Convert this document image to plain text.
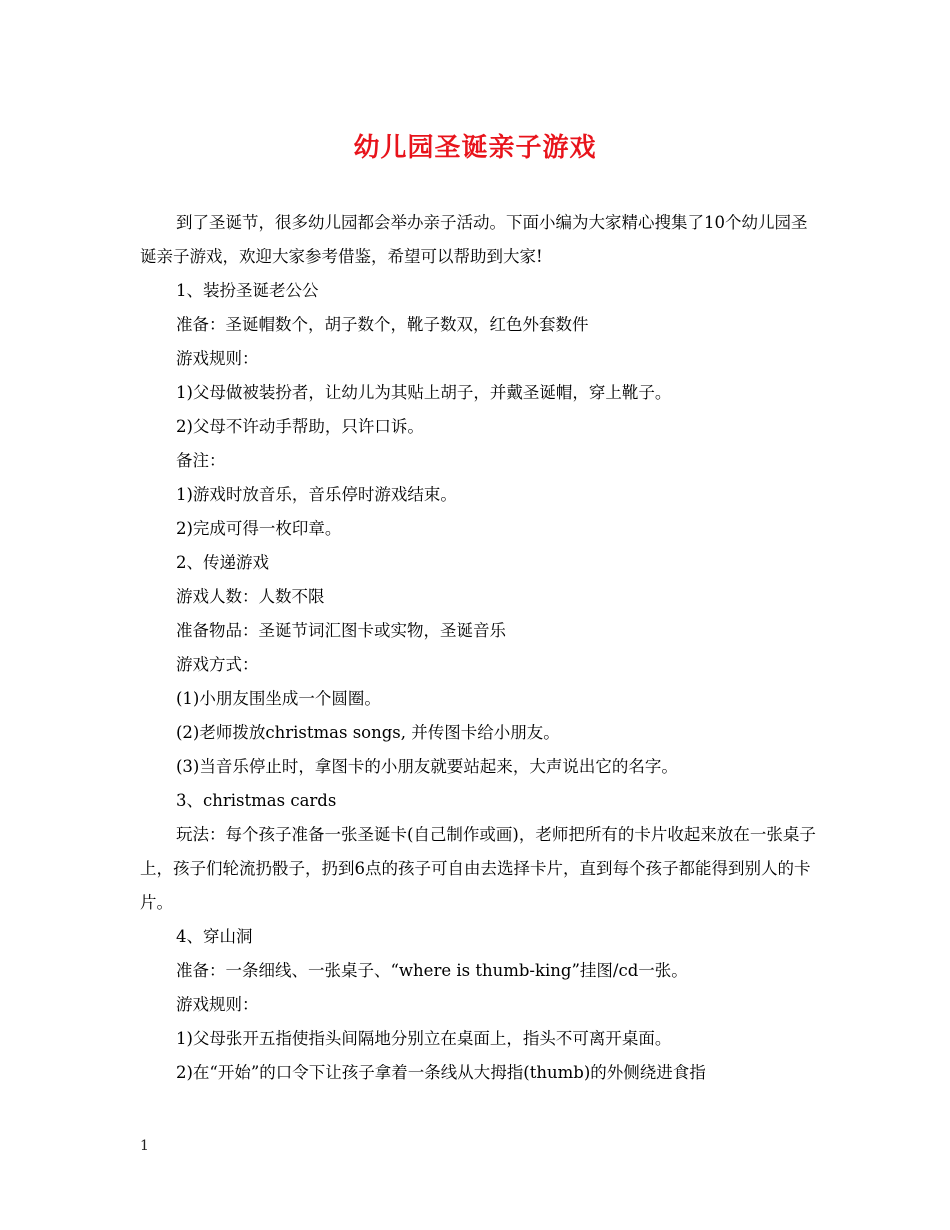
幼儿园圣诞亲子游戏

到了圣诞节，很多幼儿园都会举办亲子活动。下面小编为大家精心搜集了10个幼儿园圣诞亲子游戏，欢迎大家参考借鉴，希望可以帮助到大家!

1、装扮圣诞老公公

准备：圣诞帽数个，胡子数个，靴子数双，红色外套数件

游戏规则：

1)父母做被装扮者，让幼儿为其贴上胡子，并戴圣诞帽，穿上靴子。

2)父母不许动手帮助，只许口诉。

备注：

1)游戏时放音乐，音乐停时游戏结束。

2)完成可得一枚印章。

2、传递游戏

游戏人数：人数不限

准备物品：圣诞节词汇图卡或实物，圣诞音乐

游戏方式：

(1)小朋友围坐成一个圆圈。

(2)老师拨放christmas songs, 并传图卡给小朋友。

(3)当音乐停止时，拿图卡的小朋友就要站起来，大声说出它的名字。

3、christmas cards

玩法：每个孩子准备一张圣诞卡(自己制作或画)，老师把所有的卡片收起来放在一张桌子上，孩子们轮流扔骰子，扔到6点的孩子可自由去选择卡片，直到每个孩子都能得到别人的卡片。

4、穿山洞

准备：一条细线、一张桌子、“where is thumb-king”挂图/cd一张。

游戏规则：

1)父母张开五指使指头间隔地分别立在桌面上，指头不可离开桌面。

2)在“开始”的口令下让孩子拿着一条线从大拇指(thumb)的外侧绕进食指

1
